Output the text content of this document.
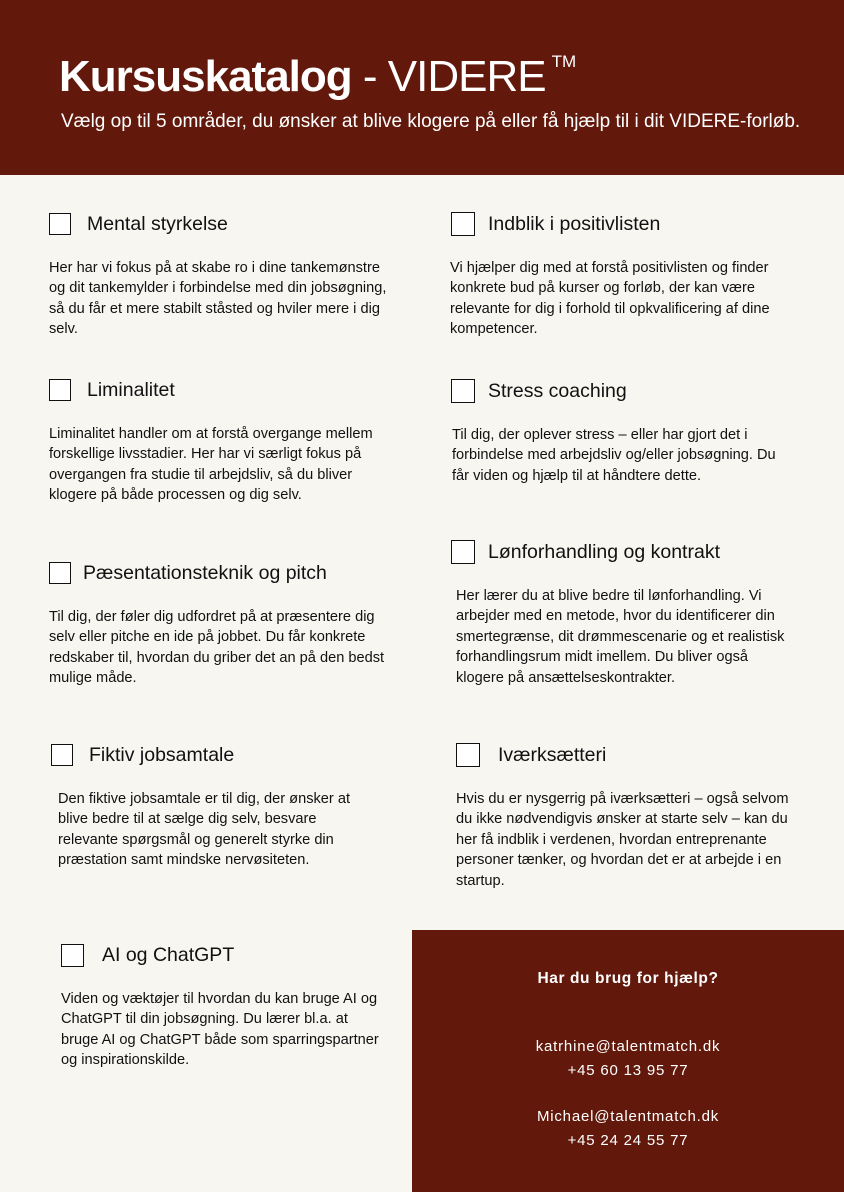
Kursuskatalog - VIDERE ™
Vælg op til 5 områder, du ønsker at blive klogere på eller få hjælp til i dit VIDERE-forløb.
Mental styrkelse
Her har vi fokus på at skabe ro i dine tankemønstre og dit tankemylder i forbindelse med din jobsøgning, så du får et mere stabilt ståsted og hviler mere i dig selv.
Liminalitet
Liminalitet handler om at forstå overgange mellem forskellige livsstadier. Her har vi særligt fokus på overgangen fra studie til arbejdsliv, så du bliver klogere på både processen og dig selv.
Pæsentationsteknik og pitch
Til dig, der føler dig udfordret på at præsentere dig selv eller pitche en ide på jobbet. Du får konkrete redskaber til, hvordan du griber det an på den bedst mulige måde.
Fiktiv jobsamtale
Den fiktive jobsamtale er til dig, der ønsker at blive bedre til at sælge dig selv, besvare relevante spørgsmål og generelt styrke din præstation samt mindske nervøsiteten.
AI og ChatGPT
Viden og væktøjer til hvordan du kan bruge AI og ChatGPT til din jobsøgning. Du lærer bl.a. at bruge AI og ChatGPT både som sparringspartner og inspirationskilde.
Indblik i positivlisten
Vi hjælper dig med at forstå positivlisten og finder konkrete bud på kurser og forløb, der kan være relevante for dig i forhold til opkvalificering af dine kompetencer.
Stress coaching
Til dig, der oplever stress – eller har gjort det i forbindelse med arbejdsliv og/eller jobsøgning. Du får viden og hjælp til at håndtere dette.
Lønforhandling og kontrakt
Her lærer du at blive bedre til lønforhandling. Vi arbejder med en metode, hvor du identificerer din smertegrænse, dit drømmescenarie og et realistisk forhandlingsrum midt imellem. Du bliver også klogere på ansættelseskontrakter.
Iværksætteri
Hvis du er nysgerrig på iværksætteri – også selvom du ikke nødvendigvis ønsker at starte selv – kan du her få indblik i verdenen, hvordan entreprenante personer tænker, og hvordan det er at arbejde i en startup.
Har du brug for hjælp?
katrhine@talentmatch.dk
+45 60 13 95 77
Michael@talentmatch.dk
+45 24 24 55 77
